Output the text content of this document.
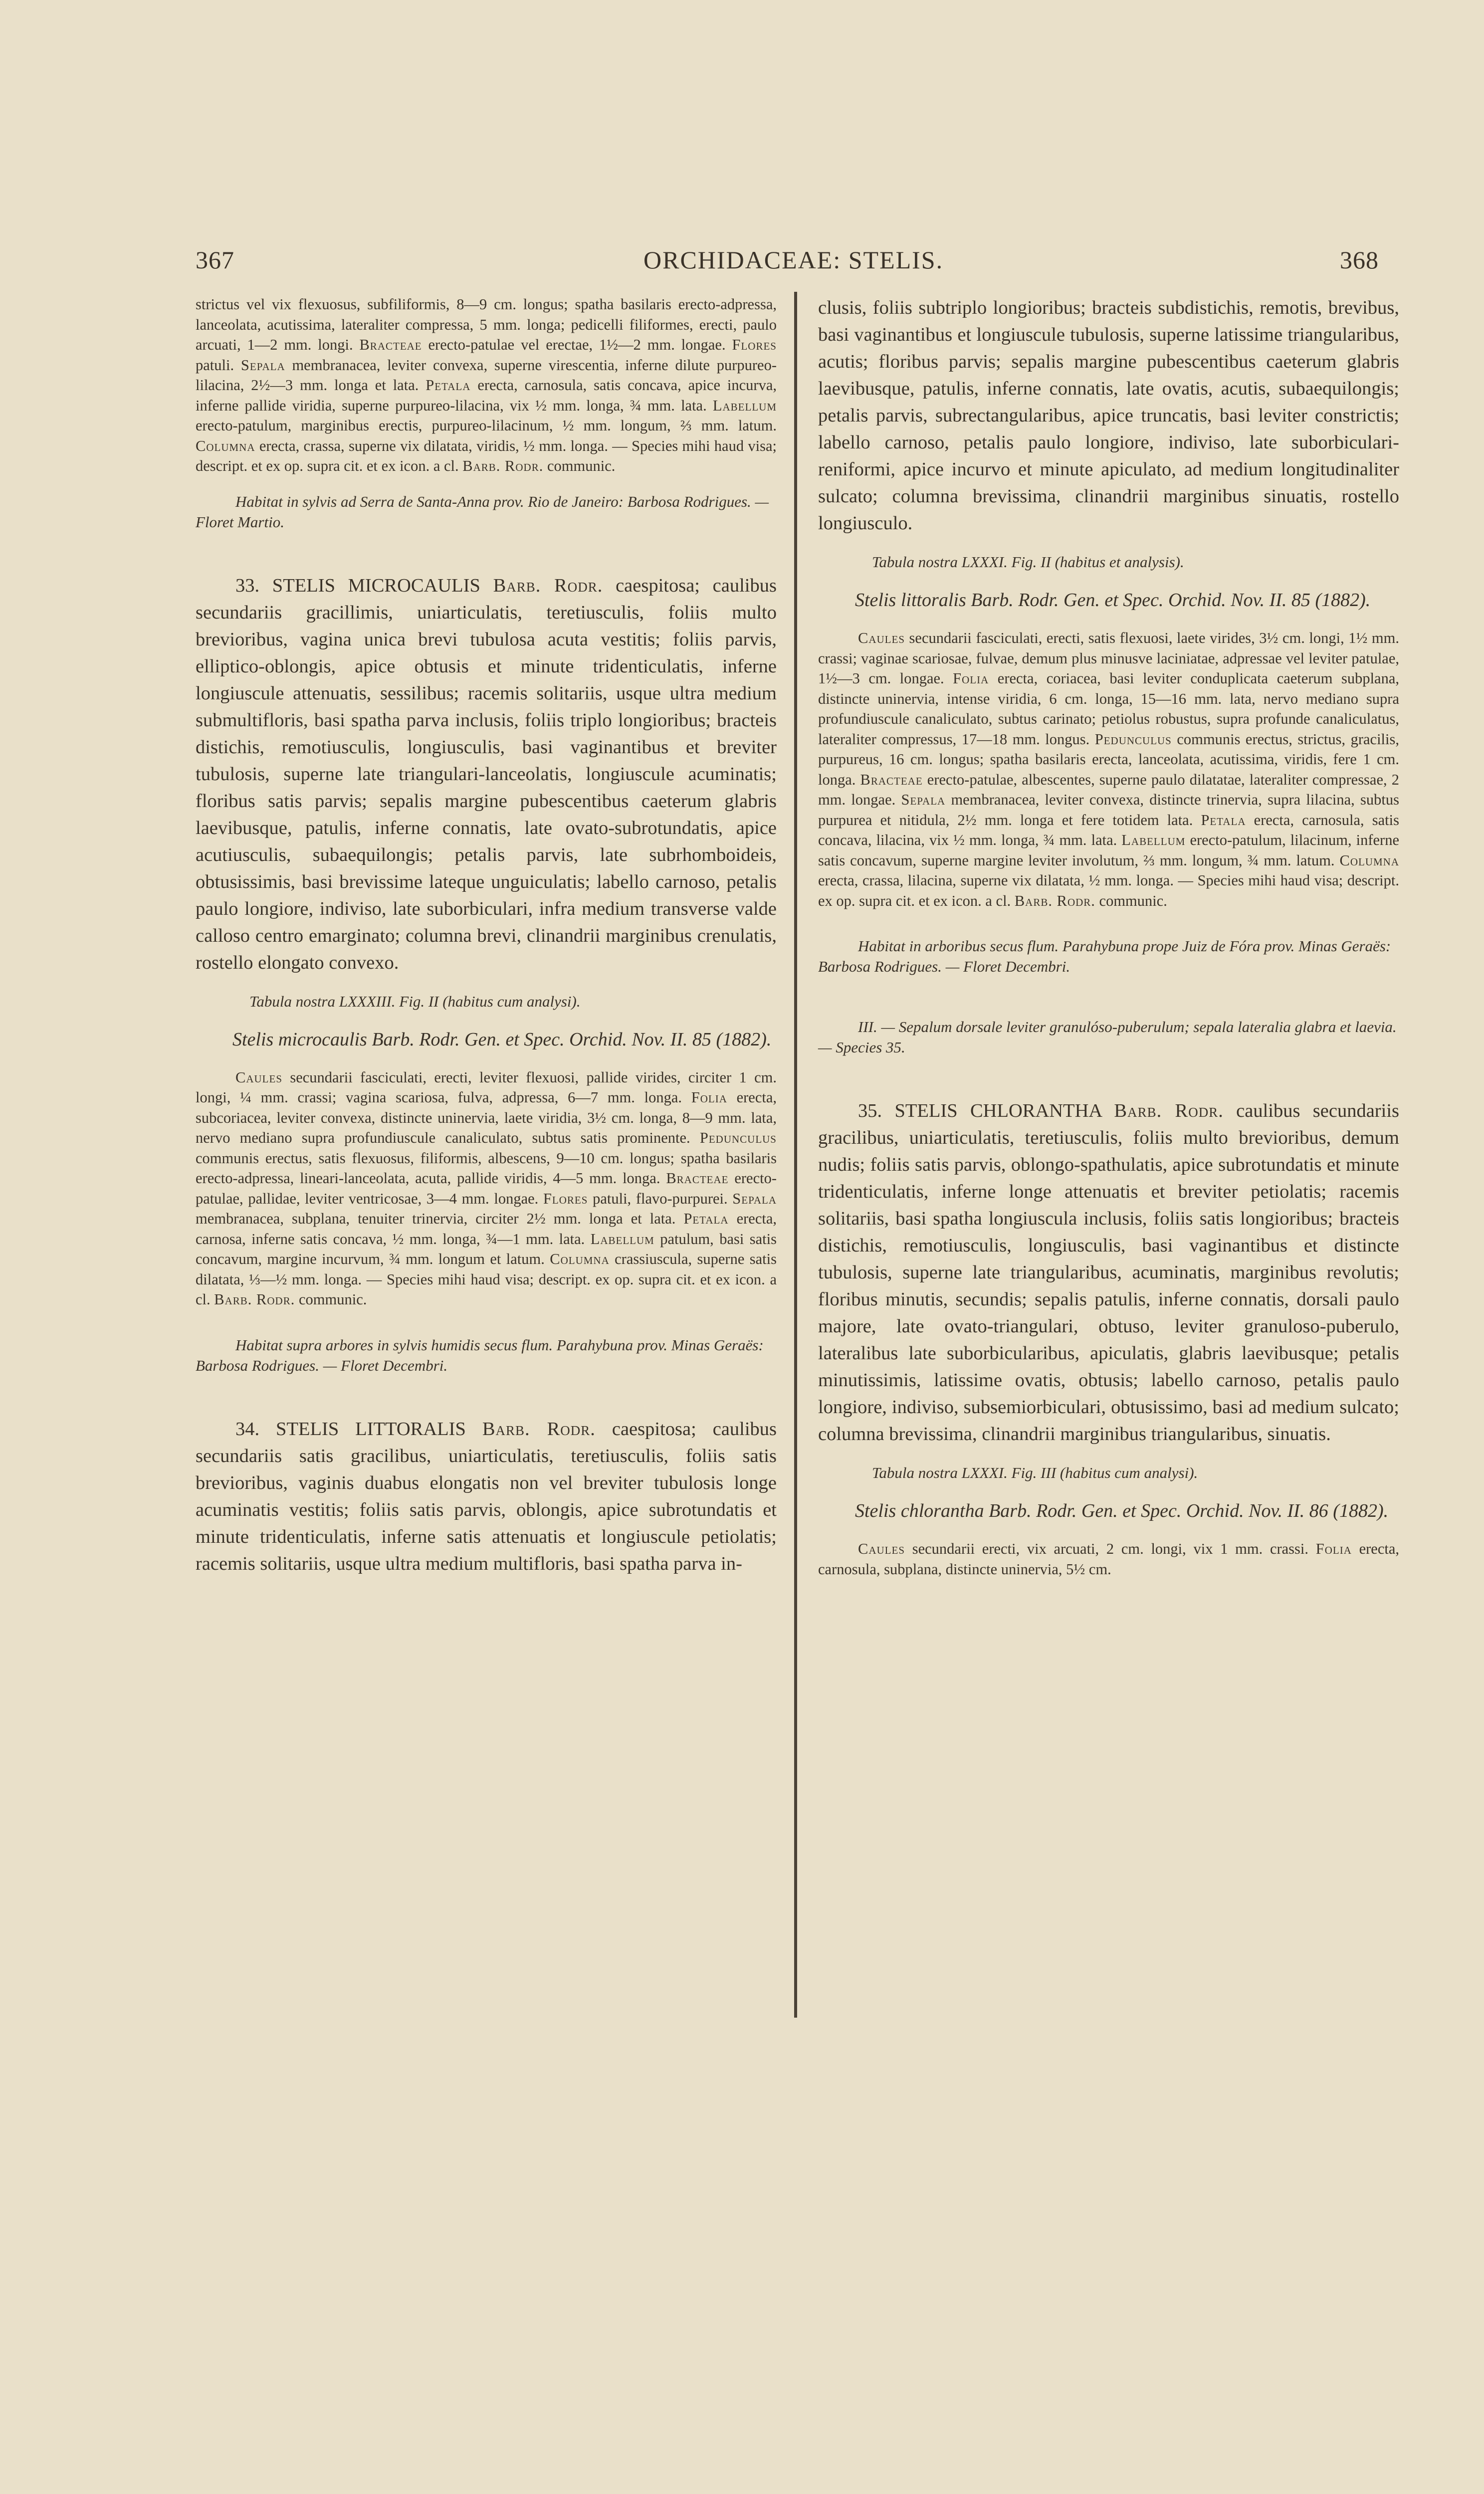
367	ORCHIDACEAE: STELIS.	368

strictus vel vix flexuosus, subfiliformis, 8—9 cm. longus; spatha basilaris erecto-adpressa, lanceolata, acutissima, lateraliter compressa, 5 mm. longa; pedicelli filiformes, erecti, paulo arcuati, 1—2 mm. longi. Bracteae erecto-patulae vel erectae, 1½—2 mm. longae. Flores patuli. Sepala membranacea, leviter convexa, superne virescentia, inferne dilute purpureo-lilacina, 2½—3 mm. longa et lata. Petala erecta, carnosula, satis concava, apice incurva, inferne pallide viridia, superne purpureo-lilacina, vix ½ mm. longa, ¾ mm. lata. Labellum erecto-patulum, marginibus erectis, purpureo-lilacinum, ½ mm. longum, ⅔ mm. latum. Columna erecta, crassa, superne vix dilatata, viridis, ½ mm. longa. — Species mihi haud visa; descript. et ex op. supra cit. et ex icon. a cl. Barb. Rodr. communic.

Habitat in sylvis ad Serra de Santa-Anna prov. Rio de Janeiro: Barbosa Rodrigues. — Floret Martio.

33. STELIS MICROCAULIS Barb. Rodr. caespitosa; caulibus secundariis gracillimis, uniarticulatis, teretiusculis, foliis multo brevioribus, vagina unica brevi tubulosa acuta vestitis; foliis parvis, elliptico-oblongis, apice obtusis et minute tridenticulatis, inferne longiuscule attenuatis, sessilibus; racemis solitariis, usque ultra medium submultifloris, basi spatha parva inclusis, foliis triplo longioribus; bracteis distichis, remotiusculis, longiusculis, basi vaginantibus et breviter tubulosis, superne late triangulari-lanceolatis, longiuscule acuminatis; floribus satis parvis; sepalis margine pubescentibus caeterum glabris laevibusque, patulis, inferne connatis, late ovato-subrotundatis, apice acutiusculis, subaequilongis; petalis parvis, late subrhomboideis, obtusissimis, basi brevissime lateque unguiculatis; labello carnoso, petalis paulo longiore, indiviso, late suborbiculari, infra medium transverse valde calloso centro emarginato; columna brevi, clinandrii marginibus crenulatis, rostello elongato convexo.

Tabula nostra LXXXIII. Fig. II (habitus cum analysi).

Stelis microcaulis Barb. Rodr. Gen. et Spec. Orchid. Nov. II. 85 (1882).

Caules secundarii fasciculati, erecti, leviter flexuosi, pallide virides, circiter 1 cm. longi, ¼ mm. crassi; vagina scariosa, fulva, adpressa, 6—7 mm. longa. Folia erecta, subcoriacea, leviter convexa, distincte uninervia, laete viridia, 3½ cm. longa, 8—9 mm. lata, nervo mediano supra profundiuscule canaliculato, subtus satis prominente. Pedunculus communis erectus, satis flexuosus, filiformis, albescens, 9—10 cm. longus; spatha basilaris erecto-adpressa, lineari-lanceolata, acuta, pallide viridis, 4—5 mm. longa. Bracteae erecto-patulae, pallidae, leviter ventricosae, 3—4 mm. longae. Flores patuli, flavo-purpurei. Sepala membranacea, subplana, tenuiter trinervia, circiter 2½ mm. longa et lata. Petala erecta, carnosa, inferne satis concava, ½ mm. longa, ¾—1 mm. lata. Labellum patulum, basi satis concavum, margine incurvum, ¾ mm. longum et latum. Columna crassiuscula, superne satis dilatata, ⅓—½ mm. longa. — Species mihi haud visa; descript. ex op. supra cit. et ex icon. a cl. Barb. Rodr. communic.

Habitat supra arbores in sylvis humidis secus flum. Parahybuna prov. Minas Geraës: Barbosa Rodrigues. — Floret Decembri.

34. STELIS LITTORALIS Barb. Rodr. caespitosa; caulibus secundariis satis gracilibus, uniarticulatis, teretiusculis, foliis satis brevioribus, vaginis duabus elongatis non vel breviter tubulosis longe acuminatis vestitis; foliis satis parvis, oblongis, apice subrotundatis et minute tridenticulatis, inferne satis attenuatis et longiuscule petiolatis; racemis solitariis, usque ultra medium multifloris, basi spatha parva in-

clusis, foliis subtriplo longioribus; bracteis subdistichis, remotis, brevibus, basi vaginantibus et longiuscule tubulosis, superne latissime triangularibus, acutis; floribus parvis; sepalis margine pubescentibus caeterum glabris laevibusque, patulis, inferne connatis, late ovatis, acutis, subaequilongis; petalis parvis, subrectangularibus, apice truncatis, basi leviter constrictis; labello carnoso, petalis paulo longiore, indiviso, late suborbiculari-reniformi, apice incurvo et minute apiculato, ad medium longitudinaliter sulcato; columna brevissima, clinandrii marginibus sinuatis, rostello longiusculo.

Tabula nostra LXXXI. Fig. II (habitus et analysis).

Stelis littoralis Barb. Rodr. Gen. et Spec. Orchid. Nov. II. 85 (1882).

Caules secundarii fasciculati, erecti, satis flexuosi, laete virides, 3½ cm. longi, 1½ mm. crassi; vaginae scariosae, fulvae, demum plus minusve laciniatae, adpressae vel leviter patulae, 1½—3 cm. longae. Folia erecta, coriacea, basi leviter conduplicata caeterum subplana, distincte uninervia, intense viridia, 6 cm. longa, 15—16 mm. lata, nervo mediano supra profundiuscule canaliculato, subtus carinato; petiolus robustus, supra profunde canaliculatus, lateraliter compressus, 17—18 mm. longus. Pedunculus communis erectus, strictus, gracilis, purpureus, 16 cm. longus; spatha basilaris erecta, lanceolata, acutissima, viridis, fere 1 cm. longa. Bracteae erecto-patulae, albescentes, superne paulo dilatatae, lateraliter compressae, 2 mm. longae. Sepala membranacea, leviter convexa, distincte trinervia, supra lilacina, subtus purpurea et nitidula, 2½ mm. longa et fere totidem lata. Petala erecta, carnosula, satis concava, lilacina, vix ½ mm. longa, ¾ mm. lata. Labellum erecto-patulum, lilacinum, inferne satis concavum, superne margine leviter involutum, ⅔ mm. longum, ¾ mm. latum. Columna erecta, crassa, lilacina, superne vix dilatata, ½ mm. longa. — Species mihi haud visa; descript. ex op. supra cit. et ex icon. a cl. Barb. Rodr. communic.

Habitat in arboribus secus flum. Parahybuna prope Juiz de Fóra prov. Minas Geraës: Barbosa Rodrigues. — Floret Decembri.

III. — Sepalum dorsale leviter granulóso-puberulum; sepala lateralia glabra et laevia. — Species 35.

35. STELIS CHLORANTHA Barb. Rodr. caulibus secundariis gracilibus, uniarticulatis, teretiusculis, foliis multo brevioribus, demum nudis; foliis satis parvis, oblongo-spathulatis, apice subrotundatis et minute tridenticulatis, inferne longe attenuatis et breviter petiolatis; racemis solitariis, basi spatha longiuscula inclusis, foliis satis longioribus; bracteis distichis, remotiusculis, longiusculis, basi vaginantibus et distincte tubulosis, superne late triangularibus, acuminatis, marginibus revolutis; floribus minutis, secundis; sepalis patulis, inferne connatis, dorsali paulo majore, late ovato-triangulari, obtuso, leviter granuloso-puberulo, lateralibus late suborbicularibus, apiculatis, glabris laevibusque; petalis minutissimis, latissime ovatis, obtusis; labello carnoso, petalis paulo longiore, indiviso, subsemiorbiculari, obtusissimo, basi ad medium sulcato; columna brevissima, clinandrii marginibus triangularibus, sinuatis.

Tabula nostra LXXXI. Fig. III (habitus cum analysi).

Stelis chlorantha Barb. Rodr. Gen. et Spec. Orchid. Nov. II. 86 (1882).

Caules secundarii erecti, vix arcuati, 2 cm. longi, vix 1 mm. crassi. Folia erecta, carnosula, subplana, distincte uninervia, 5½ cm.
